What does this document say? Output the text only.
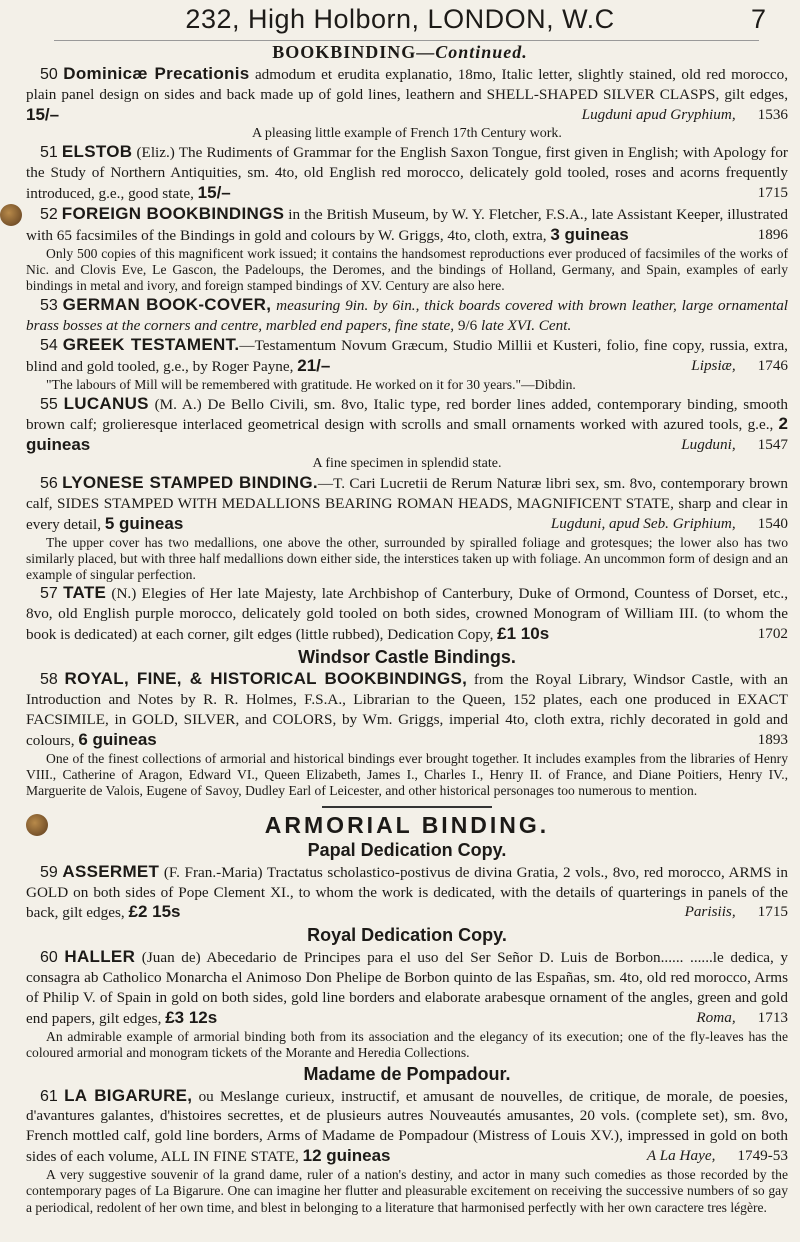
232, High Holborn, LONDON, W.C	7
BOOKBINDING—Continued.

50 Dominicæ Precationis admodum et erudita explanatio, 18mo, Italic letter, slightly stained, old red morocco, plain panel design on sides and back made up of gold lines, leathern and SHELL-SHAPED SILVER CLASPS, gilt edges, 15/–	1536
Lugduni apud Gryphium,

A pleasing little example of French 17th Century work.

51 ELSTOB (Eliz.) The Rudiments of Grammar for the English Saxon Tongue, first given in English; with Apology for the Study of Northern Antiquities, sm. 4to, old English red morocco, delicately gold tooled, roses and acorns frequently introduced, g.e., good state, 15/–	1715

52 FOREIGN BOOKBINDINGS in the British Museum, by W. Y. Fletcher, F.S.A., late Assistant Keeper, illustrated with 65 facsimiles of the Bindings in gold and colours by W. Griggs, 4to, cloth, extra, 3 guineas	1896

Only 500 copies of this magnificent work issued; it contains the handsomest reproductions ever produced of facsimiles of the works of Nic. and Clovis Eve, Le Gascon, the Padeloups, the Deromes, and the bindings of Holland, Germany, and Spain, examples of early bindings in metal and ivory, and foreign stamped bindings of XV. Century are also here.

53 GERMAN BOOK-COVER, measuring 9in. by 6in., thick boards covered with brown leather, large ornamental brass bosses at the corners and centre, marbled end papers, fine state, 9/6 late XVI. Cent.

54 GREEK TESTAMENT.—Testamentum Novum Græcum, Studio Milliі et Kusteri, folio, fine copy, russia, extra, blind and gold tooled, g.e., by Roger Payne, 21/–	1746
Lipsiæ,

"The labours of Mill will be remembered with gratitude. He worked on it for 30 years."—Dibdin.

55 LUCANUS (M. A.) De Bello Civili, sm. 8vo, Italic type, red border lines added, contemporary binding, smooth brown calf; grolieresque interlaced geometrical design with scrolls and small ornaments worked with azured tools, g.e., 2 guineas	1547
Lugduni,

A fine specimen in splendid state.

56 LYONESE STAMPED BINDING.—T. Cari Lucretii de Rerum Naturæ libri sex, sm. 8vo, contemporary brown calf, SIDES STAMPED WITH MEDALLIONS BEARING ROMAN HEADS, MAGNIFICENT STATE, sharp and clear in every detail, 5 guineas	1540
Lugduni, apud Seb. Griphium,

The upper cover has two medallions, one above the other, surrounded by spiralled foliage and grotesques; the lower also has two similarly placed, but with three half medallions down either side, the interstices taken up with foliage. An uncommon form of design and an example of singular perfection.

57 TATE (N.) Elegies of Her late Majesty, late Archbishop of Canterbury, Duke of Ormond, Countess of Dorset, etc., 8vo, old English purple morocco, delicately gold tooled on both sides, crowned Monogram of William III. (to whom the book is dedicated) at each corner, gilt edges (little rubbed), Dedication Copy, £1 10s	1702

Windsor Castle Bindings.

58 ROYAL, FINE, & HISTORICAL BOOKBINDINGS, from the Royal Library, Windsor Castle, with an Introduction and Notes by R. R. Holmes, F.S.A., Librarian to the Queen, 152 plates, each one produced in EXACT FACSIMILE, in GOLD, SILVER, and COLORS, by Wm. Griggs, imperial 4to, cloth extra, richly decorated in gold and colours, 6 guineas	1893

One of the finest collections of armorial and historical bindings ever brought together. It includes examples from the libraries of Henry VIII., Catherine of Aragon, Edward VI., Queen Elizabeth, James I., Charles I., Henry II. of France, and Diane Poitiers, Henry IV., Marguerite de Valois, Eugene of Savoy, Dudley Earl of Leicester, and other historical personages too numerous to mention.
ARMORIAL BINDING.
Papal Dedication Copy.

59 ASSERMET (F. Fran.-Maria) Tractatus scholastico-postivus de divina Gratia, 2 vols., 8vo, red morocco, ARMS in GOLD on both sides of Pope Clement XI., to whom the work is dedicated, with the details of quarterings in panels of the back, gilt edges, £2 15s	1715
Parisiis,

Royal Dedication Copy.

60 HALLER (Juan de) Abecedario de Principes para el uso del Ser Señor D. Luis de Borbon...... ......le dedica, y consagra ab Catholico Monarcha el Animoso Don Phelipe de Borbon quinto de las Españas, sm. 4to, old red morocco, Arms of Philip V. of Spain in gold on both sides, gold line borders and elaborate arabesque ornament of the angles, green and gold end papers, gilt edges, £3 12s	1713
Roma,

An admirable example of armorial binding both from its association and the elegancy of its execution; one of the fly-leaves has the coloured armorial and monogram tickets of the Morante and Heredia Collections.
Madame de Pompadour.

61 LA BIGARURE, ou Meslange curieux, instructif, et amusant de nouvelles, de critique, de morale, de poesies, d'avantures galantes, d'histoires secrettes, et de plusieurs autres Nouveautés amusantes, 20 vols. (complete set), sm. 8vo, French mottled calf, gold line borders, Arms of Madame de Pompadour (Mistress of Louis XV.), impressed in gold on both sides of each volume, ALL IN FINE STATE, 12 guineas	1749-53
A La Haye,

A very suggestive souvenir of la grand dame, ruler of a nation's destiny, and actor in many such comedies as those recorded by the contemporary pages of La Bigarure. One can imagine her flutter and pleasurable excitement on receiving the successive numbers of so gay a periodical, redolent of her own time, and blest in belonging to a literature that harmonised perfectly with her own caractere tres légère.
